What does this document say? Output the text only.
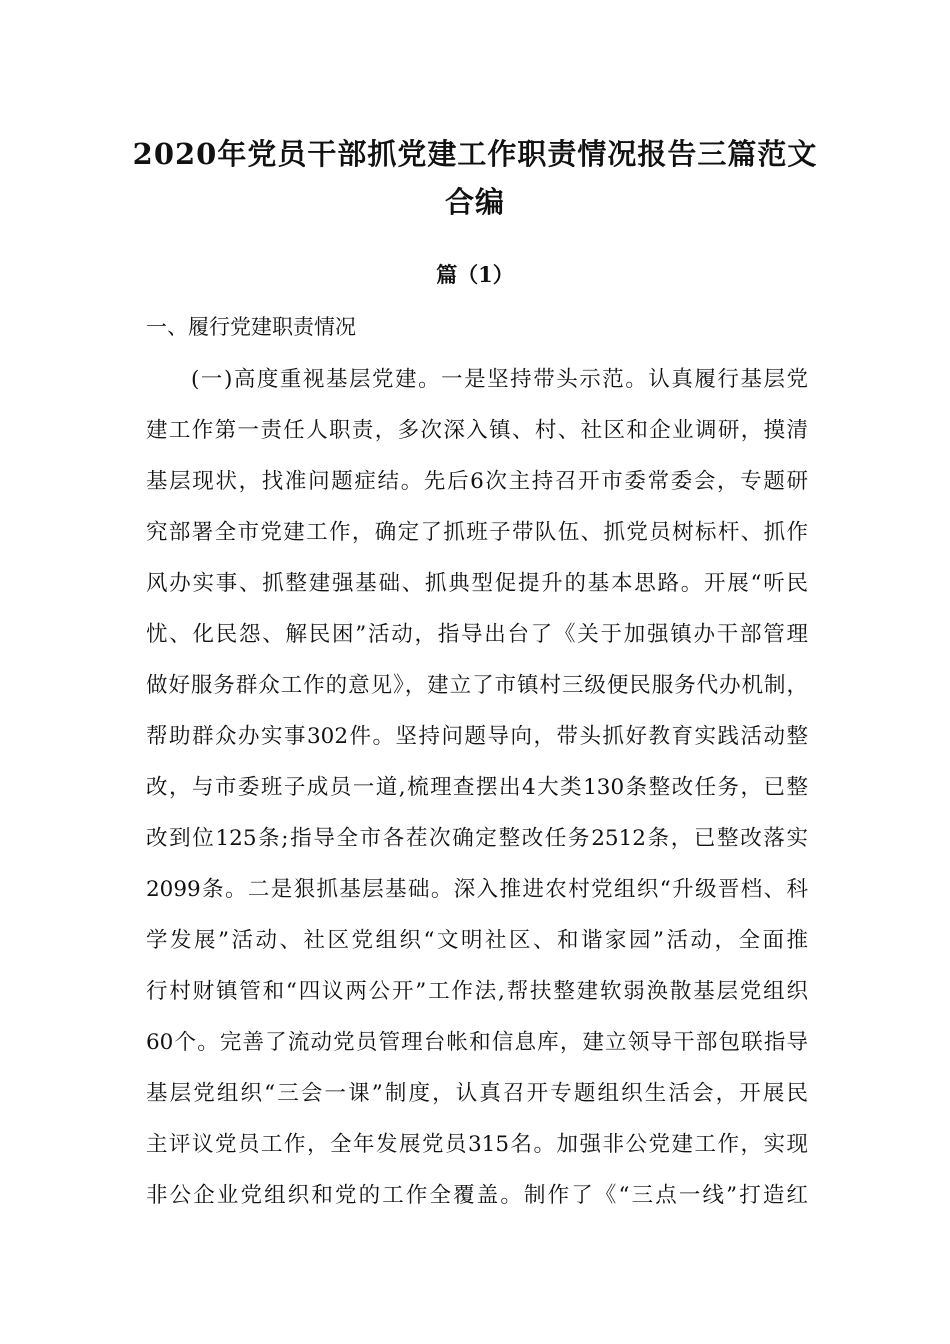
2020年党员干部抓党建工作职责情况报告三篇范文
合编
篇（1）
一、履行党建职责情况
(一)高度重视基层党建。一是坚持带头示范。认真履行基层党
建工作第一责任人职责，多次深入镇、村、社区和企业调研，摸清
基层现状，找准问题症结。先后6次主持召开市委常委会，专题研
究部署全市党建工作，确定了抓班子带队伍、抓党员树标杆、抓作
风办实事、抓整建强基础、抓典型促提升的基本思路。开展“听民
忧、化民怨、解民困”活动，指导出台了《关于加强镇办干部管理
做好服务群众工作的意见》，建立了市镇村三级便民服务代办机制，
帮助群众办实事302件。坚持问题导向，带头抓好教育实践活动整
改，与市委班子成员一道,梳理查摆出4大类130条整改任务，已整
改到位125条;指导全市各茬次确定整改任务2512条，已整改落实
2099条。二是狠抓基层基础。深入推进农村党组织“升级晋档、科
学发展”活动、社区党组织“文明社区、和谐家园”活动，全面推
行村财镇管和“四议两公开”工作法,帮扶整建软弱涣散基层党组织
60个。完善了流动党员管理台帐和信息库，建立领导干部包联指导
基层党组织“三会一课”制度，认真召开专题组织生活会，开展民
主评议党员工作，全年发展党员315名。加强非公党建工作，实现
非公企业党组织和党的工作全覆盖。制作了《“三点一线”打造红
